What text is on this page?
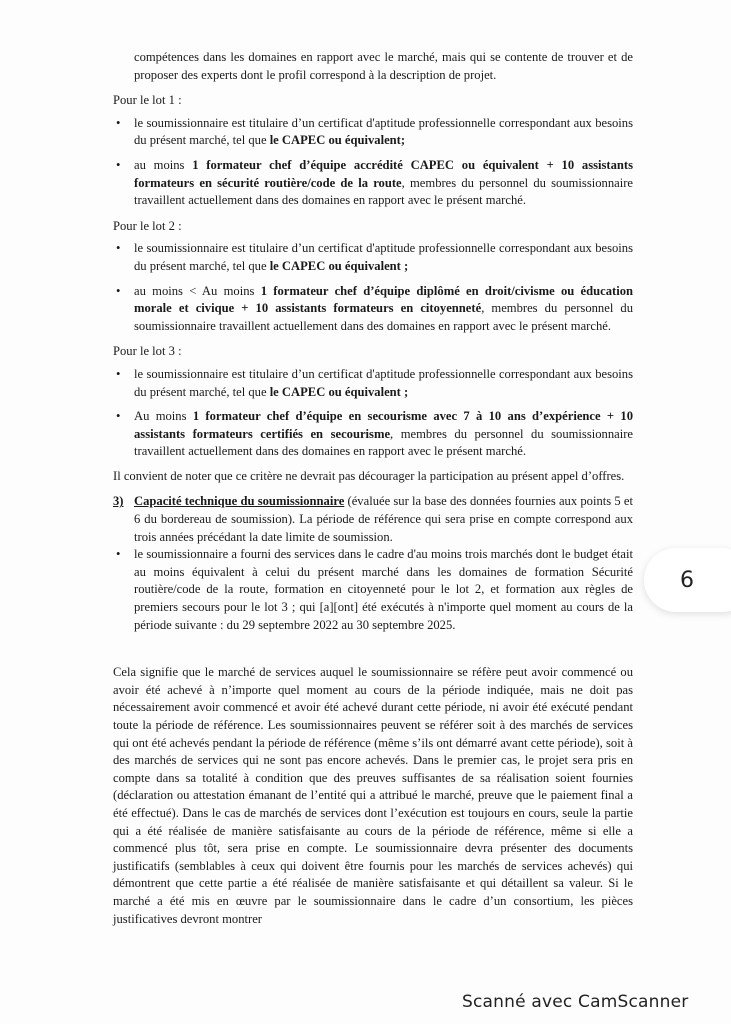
compétences dans les domaines en rapport avec le marché, mais qui se contente de trouver et de proposer des experts dont le profil correspond à la description de projet.

Pour le lot 1 :

• le soumissionnaire est titulaire d’un certificat d'aptitude professionnelle correspondant aux besoins du présent marché, tel que le CAPEC ou équivalent;
• au moins 1 formateur chef d’équipe accrédité CAPEC ou équivalent + 10 assistants formateurs en sécurité routière/code de la route, membres du personnel du soumissionnaire travaillent actuellement dans des domaines en rapport avec le présent marché.

Pour le lot 2 :

• le soumissionnaire est titulaire d’un certificat d'aptitude professionnelle correspondant aux besoins du présent marché, tel que le CAPEC ou équivalent ;
• au moins < Au moins 1 formateur chef d’équipe diplômé en droit/civisme ou éducation morale et civique + 10 assistants formateurs en citoyenneté, membres du personnel du soumissionnaire travaillent actuellement dans des domaines en rapport avec le présent marché.

Pour le lot 3 :

• le soumissionnaire est titulaire d’un certificat d'aptitude professionnelle correspondant aux besoins du présent marché, tel que le CAPEC ou équivalent ;
• Au moins 1 formateur chef d’équipe en secourisme avec 7 à 10 ans d’expérience + 10 assistants formateurs certifiés en secourisme, membres du personnel du soumissionnaire travaillent actuellement dans des domaines en rapport avec le présent marché.

Il convient de noter que ce critère ne devrait pas décourager la participation au présent appel d’offres.

3) Capacité technique du soumissionnaire (évaluée sur la base des données fournies aux points 5 et 6 du bordereau de soumission). La période de référence qui sera prise en compte correspond aux trois années précédant la date limite de soumission.

• le soumissionnaire a fourni des services dans le cadre d'au moins trois marchés dont le budget était au moins équivalent à celui du présent marché dans les domaines de formation Sécurité routière/code de la route, formation en citoyenneté pour le lot 2, et formation aux règles de premiers secours pour le lot 3 ; qui [a][ont] été exécutés à n'importe quel moment au cours de la période suivante : du 29 septembre 2022 au 30 septembre 2025.

Cela signifie que le marché de services auquel le soumissionnaire se réfère peut avoir commencé ou avoir été achevé à n’importe quel moment au cours de la période indiquée, mais ne doit pas nécessairement avoir commencé et avoir été achevé durant cette période, ni avoir été exécuté pendant toute la période de référence. Les soumissionnaires peuvent se référer soit à des marchés de services qui ont été achevés pendant la période de référence (même s’ils ont démarré avant cette période), soit à des marchés de services qui ne sont pas encore achevés. Dans le premier cas, le projet sera pris en compte dans sa totalité à condition que des preuves suffisantes de sa réalisation soient fournies (déclaration ou attestation émanant de l’entité qui a attribué le marché, preuve que le paiement final a été effectué). Dans le cas de marchés de services dont l’exécution est toujours en cours, seule la partie qui a été réalisée de manière satisfaisante au cours de la période de référence, même si elle a commencé plus tôt, sera prise en compte. Le soumissionnaire devra présenter des documents justificatifs (semblables à ceux qui doivent être fournis pour les marchés de services achevés) qui démontrent que cette partie a été réalisée de manière satisfaisante et qui détaillent sa valeur. Si le marché a été mis en œuvre par le soumissionnaire dans le cadre d’un consortium, les pièces justificatives devront montrer

6
Scanné avec CamScanner
